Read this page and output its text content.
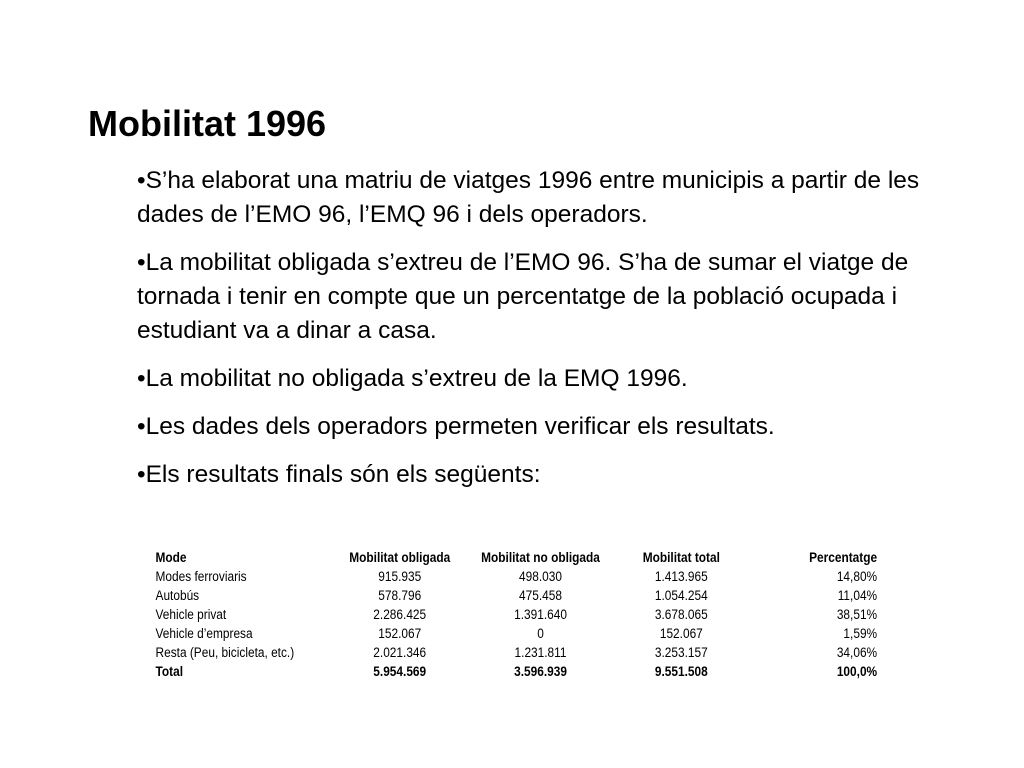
Mobilitat 1996
•S’ha elaborat una matriu de viatges 1996 entre municipis a partir de les dades de l’EMO 96, l’EMQ 96 i dels operadors.
•La mobilitat obligada s’extreu de l’EMO 96. S’ha de sumar el viatge de tornada i tenir en compte que un percentatge de la població ocupada i estudiant va a dinar a casa.
•La mobilitat no obligada s’extreu de la EMQ 1996.
•Les dades dels operadors permeten verificar els resultats.
•Els resultats finals són els següents:
Mode	Mobilitat obligada	Mobilitat no obligada	Mobilitat total	Percentatge
Modes ferroviaris	915.935	498.030	1.413.965	14,80%
Autobús	578.796	475.458	1.054.254	11,04%
Vehicle privat	2.286.425	1.391.640	3.678.065	38,51%
Vehicle d’empresa	152.067	0	152.067	1,59%
Resta (Peu, bicicleta, etc.)	2.021.346	1.231.811	3.253.157	34,06%
Total	5.954.569	3.596.939	9.551.508	100,0%
